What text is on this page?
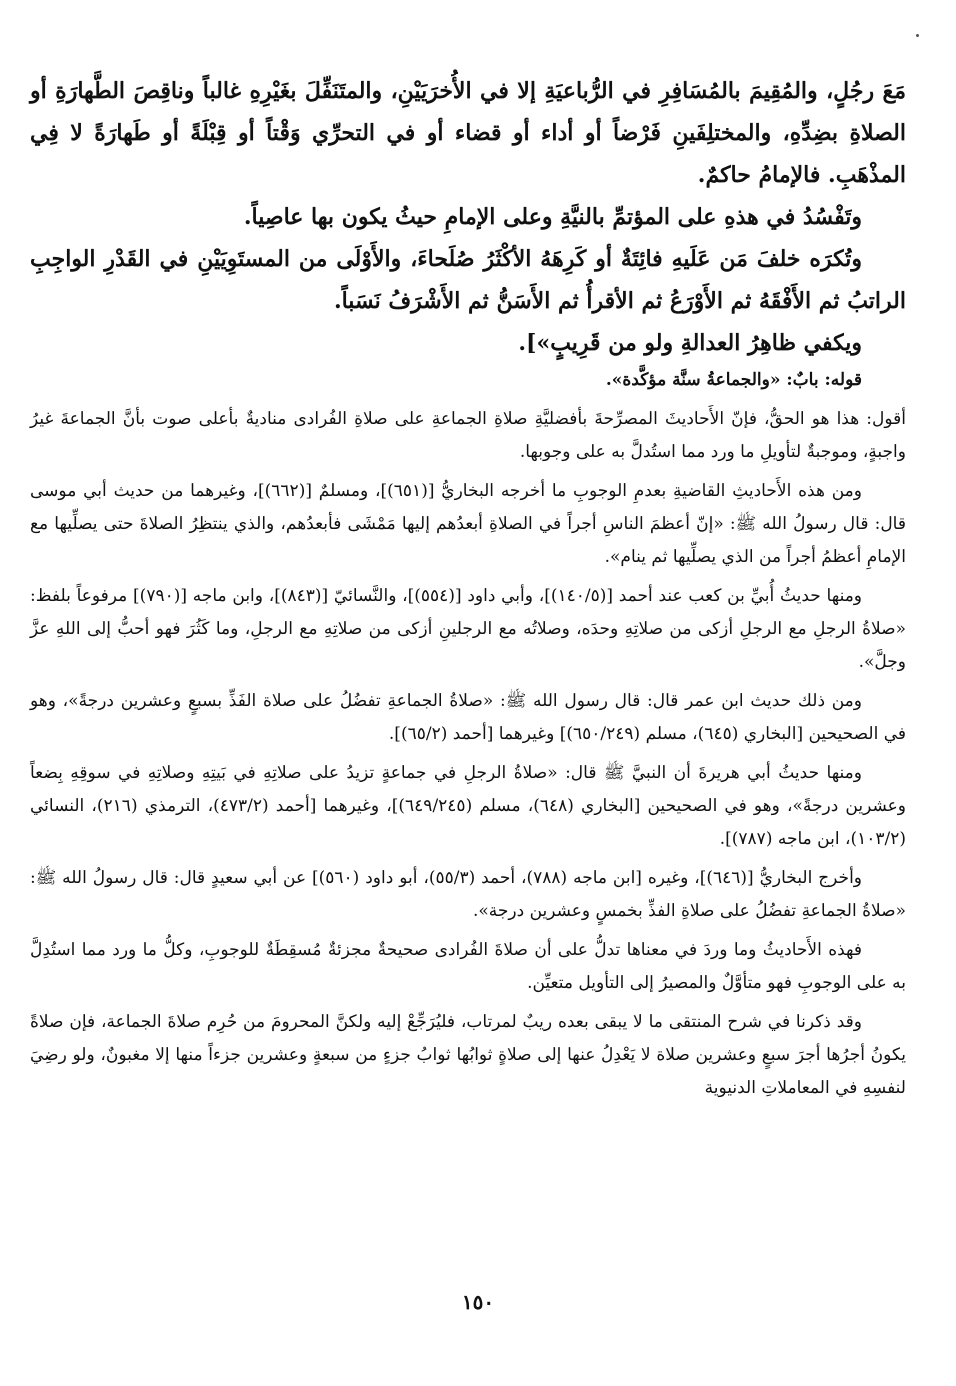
مَعَ رجُلٍ، والمُقِيمَ بالمُسَافِرِ في الرُّباعيَةِ إلا في الأُخرَيَيْنِ، والمتَنَفِّلَ بغَيْرِهِ غالباً وناقِصَ الطَّهارَةِ أو الصلاةِ بضِدِّهِ، والمختلِفَينِ فَرْضاً أو أداء أو قضاء أو في التحرِّي وَقْتاً أو قِبْلَةً أو طَهارَةً لا فِي المذْهَبِ. فالإمامُ حاكمٌ.

وتَفْسُدُ في هذهِ على المؤتمِّ بالنيَّةِ وعلى الإمامِ حيثُ يكون بها عاصِياً.

وتُكرَه خلفَ مَن عَلَيهِ فائِتَةٌ أو كَرِهَهُ الأكْثَرُ صُلَحاءَ، والأَوْلَى من المستَوِيَيْنِ في القَدْرِ الواجِبِ الراتبُ ثم الأَفْقَهُ ثم الأَوْرَعُ ثم الأقرأُ ثم الأَسَنُّ ثم الأَشْرَفُ نَسَباً.

ويكفي ظاهِرُ العدالةِ ولو من قَرِيبٍ»].

قوله: بابٌ: «والجماعةُ سنَّة مؤكَّدة».

أقول: هذا هو الحقُّ، فإنّ الأَحاديثَ المصرِّحةَ بأفضليَّةِ صلاةِ الجماعةِ على صلاةِ الفُرادى مناديةٌ بأعلى صوت بأنَّ الجماعةَ غيرُ واجبةٍ، وموجبةٌ لتأويلِ ما ورد مما استُدلَّ به على وجوبها.

ومن هذه الأَحاديثِ القاضيةِ بعدمِ الوجوبِ ما أخرجه البخاريُّ [(٦٥١)]، ومسلمٌ [(٦٦٢)]، وغيرهما من حديث أبي موسى قال: قال رسولُ الله ﷺ: «إنّ أعظمَ الناسِ أجراً في الصلاةِ أبعدُهم إليها مَمْشَى فأبعدُهم، والذي ينتظِرُ الصلاةَ حتى يصلِّيها مع الإمامِ أعظمُ أجراً من الذي يصلِّيها ثم ينام».

ومنها حديثُ أُبيِّ بن كعب عند أحمد [(١٤٠/٥)]، وأبي داود [(٥٥٤)]، والنَّسائيّ [(٨٤٣)]، وابن ماجه [(٧٩٠)] مرفوعاً بلفظ: «صلاةُ الرجلِ مع الرجلِ أزكى من صلاتِهِ وحدَه، وصلاتُه مع الرجلينِ أزكى من صلاتِهِ مع الرجلِ، وما كَثُرَ فهو أحبُّ إلى اللهِ عزَّ وجلَّ».

ومن ذلك حديث ابن عمر قال: قال رسول الله ﷺ: «صلاةُ الجماعةِ تفضُلُ على صلاة الفَذِّ بسبعٍ وعشرين درجةً»، وهو في الصحيحين [البخاري (٦٤٥)، مسلم (٦٥٠/٢٤٩)] وغيرهما [أحمد (٦٥/٢)].

ومنها حديثُ أبي هريرةَ أن النبيَّ ﷺ قال: «صلاةُ الرجلِ في جماعةٍ تزيدُ على صلاتِهِ في بَيتِهِ وصلاتِهِ في سوقِهِ بِضعاً وعشرين درجةً»، وهو في الصحيحين [البخاري (٦٤٨)، مسلم (٦٤٩/٢٤٥)]، وغيرهما [أحمد (٤٧٣/٢)، الترمذي (٢١٦)، النسائي (١٠٣/٢)، ابن ماجه (٧٨٧)].

وأخرج البخاريُّ [(٦٤٦)]، وغيره [ابن ماجه (٧٨٨)، أحمد (٥٥/٣)، أبو داود (٥٦٠)] عن أبي سعيدٍ قال: قال رسولُ الله ﷺ: «صلاةُ الجماعةِ تفضُلُ على صلاةِ الفذِّ بخمسٍ وعشرين درجة».

فهذه الأَحاديثُ وما وردَ في معناها تدلُّ على أن صلاةَ الفُرادى صحيحةٌ مجزئةٌ مُسقِطَةٌ للوجوبِ، وكلُّ ما ورد مما استُدِلَّ به على الوجوبِ فهو متأوَّلٌ والمصيرُ إلى التأويل متعيِّن.

وقد ذكرنا في شرح المنتقى ما لا يبقى بعده ريبٌ لمرتاب، فليُرَجِّعْ إليه ولكنَّ المحرومَ من حُرِم صلاةَ الجماعة، فإن صلاةً يكونُ أجرُها أجرَ سبعٍ وعشرين صلاة لا يَعْدِلُ عنها إلى صلاةٍ ثوابُها ثوابُ جزءٍ من سبعةٍ وعشرين جزءاً منها إلا مغبونٌ، ولو رضِيَ لنفسِهِ في المعاملاتِ الدنيوية

١٥٠
